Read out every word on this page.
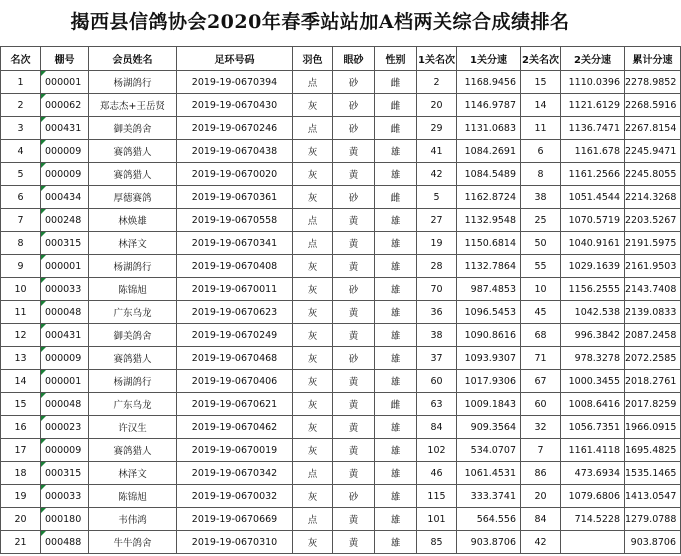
揭西县信鸽协会2020年春季站站加A档两关综合成绩排名
名次	棚号	会员姓名	足环号码	羽色	眼砂	性别	1关名次	1关分速	2关名次	2关分速	累计分速
1	000001	杨湖鸽行	2019-19-0670394	点	砂	雌	2	1168.9456	15	1110.0396	2278.9852
2	000062	郑志杰+王岳贤	2019-19-0670430	灰	砂	雌	20	1146.9787	14	1121.6129	2268.5916
3	000431	御美鸽舍	2019-19-0670246	点	砂	雌	29	1131.0683	11	1136.7471	2267.8154
4	000009	赛鸽猎人	2019-19-0670438	灰	黄	雄	41	1084.2691	6	1161.678	2245.9471
5	000009	赛鸽猎人	2019-19-0670020	灰	黄	雄	42	1084.5489	8	1161.2566	2245.8055
6	000434	厚德赛鸽	2019-19-0670361	灰	砂	雌	5	1162.8724	38	1051.4544	2214.3268
7	000248	林焕雄	2019-19-0670558	点	黄	雄	27	1132.9548	25	1070.5719	2203.5267
8	000315	林泽文	2019-19-0670341	点	黄	雄	19	1150.6814	50	1040.9161	2191.5975
9	000001	杨湖鸽行	2019-19-0670408	灰	黄	雄	28	1132.7864	55	1029.1639	2161.9503
10	000033	陈锦旭	2019-19-0670011	灰	砂	雄	70	987.4853	10	1156.2555	2143.7408
11	000048	广东乌龙	2019-19-0670623	灰	黄	雄	36	1096.5453	45	1042.538	2139.0833
12	000431	御美鸽舍	2019-19-0670249	灰	黄	雄	38	1090.8616	68	996.3842	2087.2458
13	000009	赛鸽猎人	2019-19-0670468	灰	砂	雄	37	1093.9307	71	978.3278	2072.2585
14	000001	杨湖鸽行	2019-19-0670406	灰	黄	雄	60	1017.9306	67	1000.3455	2018.2761
15	000048	广东乌龙	2019-19-0670621	灰	黄	雌	63	1009.1843	60	1008.6416	2017.8259
16	000023	许汉生	2019-19-0670462	灰	黄	雄	84	909.3564	32	1056.7351	1966.0915
17	000009	赛鸽猎人	2019-19-0670019	灰	黄	雄	102	534.0707	7	1161.4118	1695.4825
18	000315	林泽文	2019-19-0670342	点	黄	雄	46	1061.4531	86	473.6934	1535.1465
19	000033	陈锦旭	2019-19-0670032	灰	砂	雄	115	333.3741	20	1079.6806	1413.0547
20	000180	韦伟鸿	2019-19-0670669	点	黄	雄	101	564.556	84	714.5228	1279.0788
21	000488	牛牛鸽舍	2019-19-0670310	灰	黄	雄	85	903.8706	42		903.8706
